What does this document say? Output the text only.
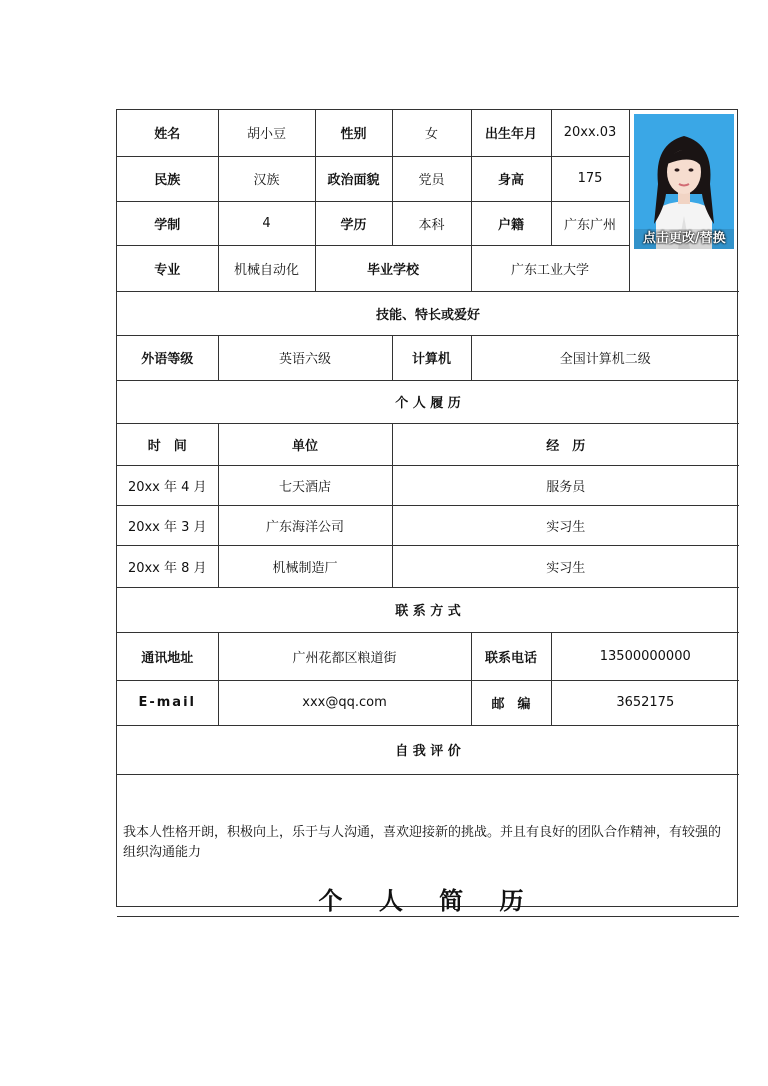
姓名	胡小豆	性别	女	出生年月	20xx.03	点击更改/替换

民族	汉族	政治面貌	党员	身高	175	
学制	4	学历	本科	户籍	广东广州	
专业	机械自动化	毕业学校		广东工业大学		
技能、特长或爱好						
外语等级	英语六级		计算机	全国计算机二级		
个 人 履 历						
时　间	单位		经　历			
20xx 年 4 月	七天酒店		服务员			
20xx 年 3 月	广东海洋公司		实习生			
20xx 年 8 月	机械制造厂		实习生			
联 系 方 式						
通讯地址	广州花都区粮道街			联系电话	13500000000	
E-mail	xxx@qq.com			邮　编	3652175	
自 我 评 价						

我本人性格开朗，积极向上，乐于与人沟通，喜欢迎接新的挑战。并且有良好的团队合作精神，有较强的组织沟通能力
个 人 简 历						
